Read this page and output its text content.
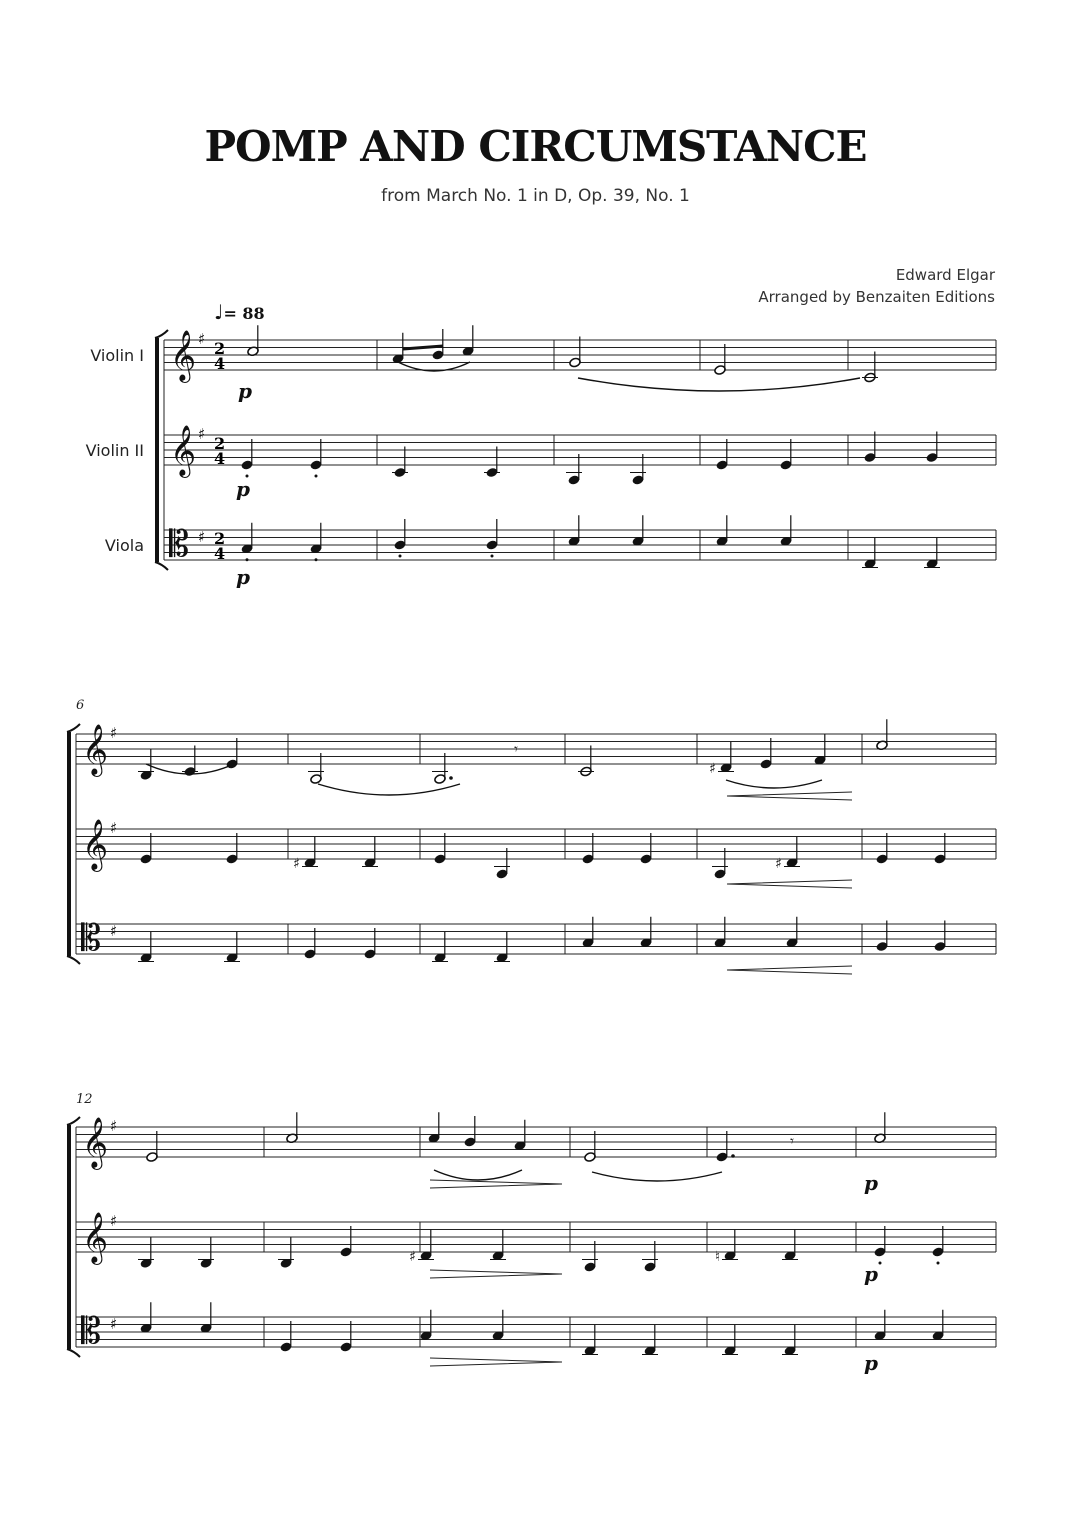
POMP AND CIRCUMSTANCE
from March No. 1 in D, Op. 39, No. 1
Edward Elgar
Arranged by Benzaiten Editions
♩= 88
Violin I
Violin II
Viola
6
12
𝄞 ♯ 2
4
𝄞 ♯ 2
4
𝄡 ♯ 2
4
𝄞 ♯
𝄞 ♯
𝄡 ♯
𝄞 ♯
𝄞 ♯
𝄡 ♯
p
p
p
𝄾
♯
♯	♯
𝄾
p
♯	♮
p
p
